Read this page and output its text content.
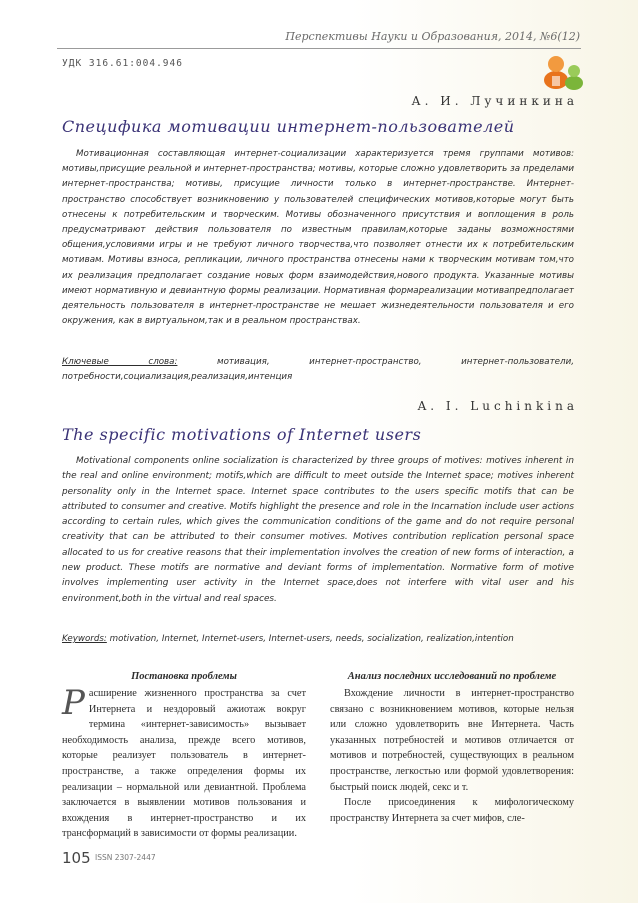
Перспективы Науки и Образования, 2014, №6(12)
УДК 316.61:004.946
А. И. Лучинкина
Специфика мотивации интернет-пользователей

Мотивационная составляющая интернет-социализации характеризуется тремя группами мотивов: мотивы,присущие реальной и интернет-пространства; мотивы, которые сложно удовлетворить за пределами интернет-пространства; мотивы, присущие личности только в интернет-пространстве. Интернет-пространство способствует возникновению у пользователей специфических мотивов,которые могут быть отнесены к потребительским и творческим. Мотивы обозначенного присутствия и воплощения в роль предусматривают действия пользователя по известным правилам,которые заданы возможностями общения,условиями игры и не требуют личного творчества,что позволяет отнести их к потребительским мотивам. Мотивы взноса, репликации, личного пространства отнесены нами к творческим мотивам том,что их реализация предполагает создание новых форм взаимодействия,нового продукта. Указанные мотивы имеют нормативную и девиантную формы реализации. Нормативная формареализации мотивапредполагает деятельность пользователя в интернет-пространстве не мешает жизнедеятельности пользователя и его окружения, как в виртуальном,так и в реальном пространствах.

Ключевые слова: мотивация, интернет-пространство, интернет-пользователи, потребности,социализация,реализация,интенция
A. I. Luchinkina
The specific motivations of Internet users

Motivational components online socialization is characterized by three groups of motives: motives inherent in the real and online environment; motifs,which are difficult to meet outside the Internet space; motives inherent personality only in the Internet space. Internet space contributes to the users specific motifs that can be attributed to consumer and creative. Motifs highlight the presence and role in the Incarnation include user actions according to certain rules, which gives the communication conditions of the game and do not require personal creativity that can be attributed to their consumer motives. Motives contribution replication personal space allocated to us for creative reasons that their implementation involves the creation of new forms of interaction, a new product. These motifs are normative and deviant forms of implementation. Normative form of motive involves implementing user activity in the Internet space,does not interfere with vital user and his environment,both in the virtual and real spaces.

Keywords: motivation, Internet, Internet-users, Internet-users, needs, socialization, realization,intention
Постановка проблемы

Расширение жизненного пространства за счет Интернета и нездоровый ажиотаж вокруг термина «интернет-зависимость» вызывает необходимость анализа, прежде всего мотивов, которые реализует пользователь в интернет-пространстве, а также определения формы их реализации – нормальной или девиантной. Проблема заключается в выявлении мотивов пользования и вхождения в интернет-пространство и их трансформаций в зависимости от формы реализации.

Анализ последних исследований по проблеме

Вхождение личности в интернет-пространство связано с возникновением мотивов, которые нельзя или сложно удовлетворить вне Интернета. Часть указанных потребностей и мотивов отличается от мотивов и потребностей, существующих в реальном пространстве, легкостью или формой удовлетворения: быстрый поиск людей, секс и т.

После присоединения к мифологическому пространству Интернета за счет мифов, сле-

105 ISSN 2307-2447
